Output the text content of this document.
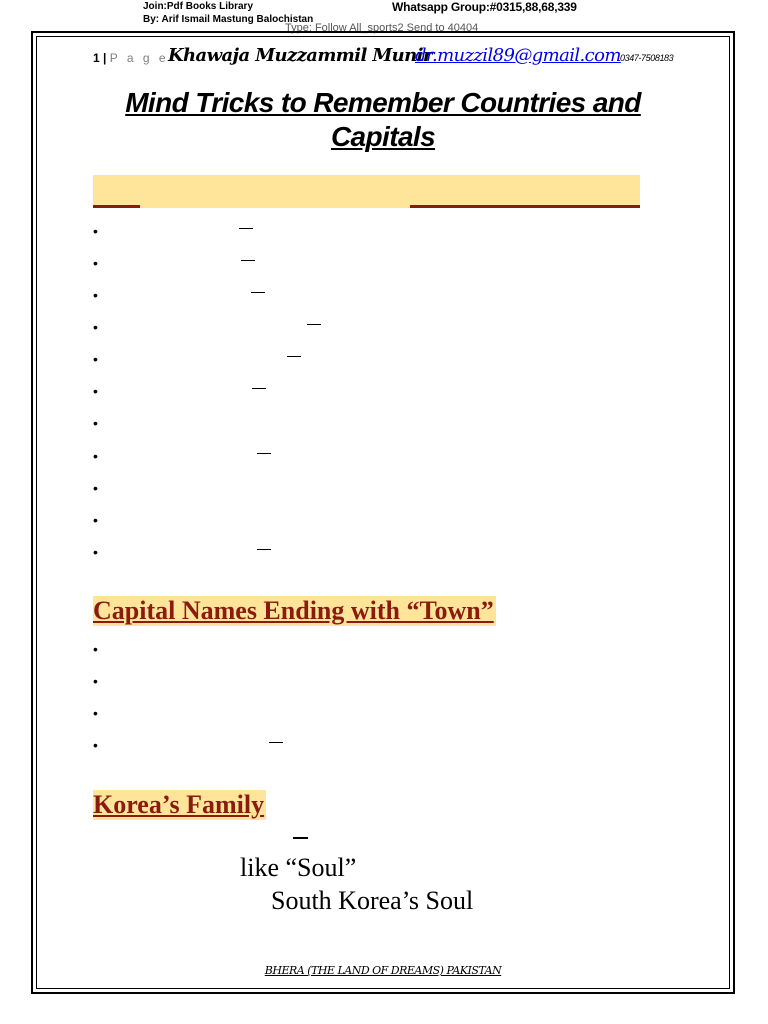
Join:Pdf Books Library
By: Arif Ismail Mastung Balochistan
Whatsapp Group:#0315,88,68,339
Type: Follow All_sports2 Send to 40404
1 | P a g e Khawaja Muzzammil Munir
dr.muzzil89@gmail.com 0347-7508183
Mind Tricks to Remember Countries and Capitals
•
•
•
•
•
•
•
•
•
•
•
Capital Names Ending with “Town”
•
•
•
•
Korea’s Family
like “Soul”
South Korea’s Soul
BHERA (THE LAND OF DREAMS) PAKISTAN
